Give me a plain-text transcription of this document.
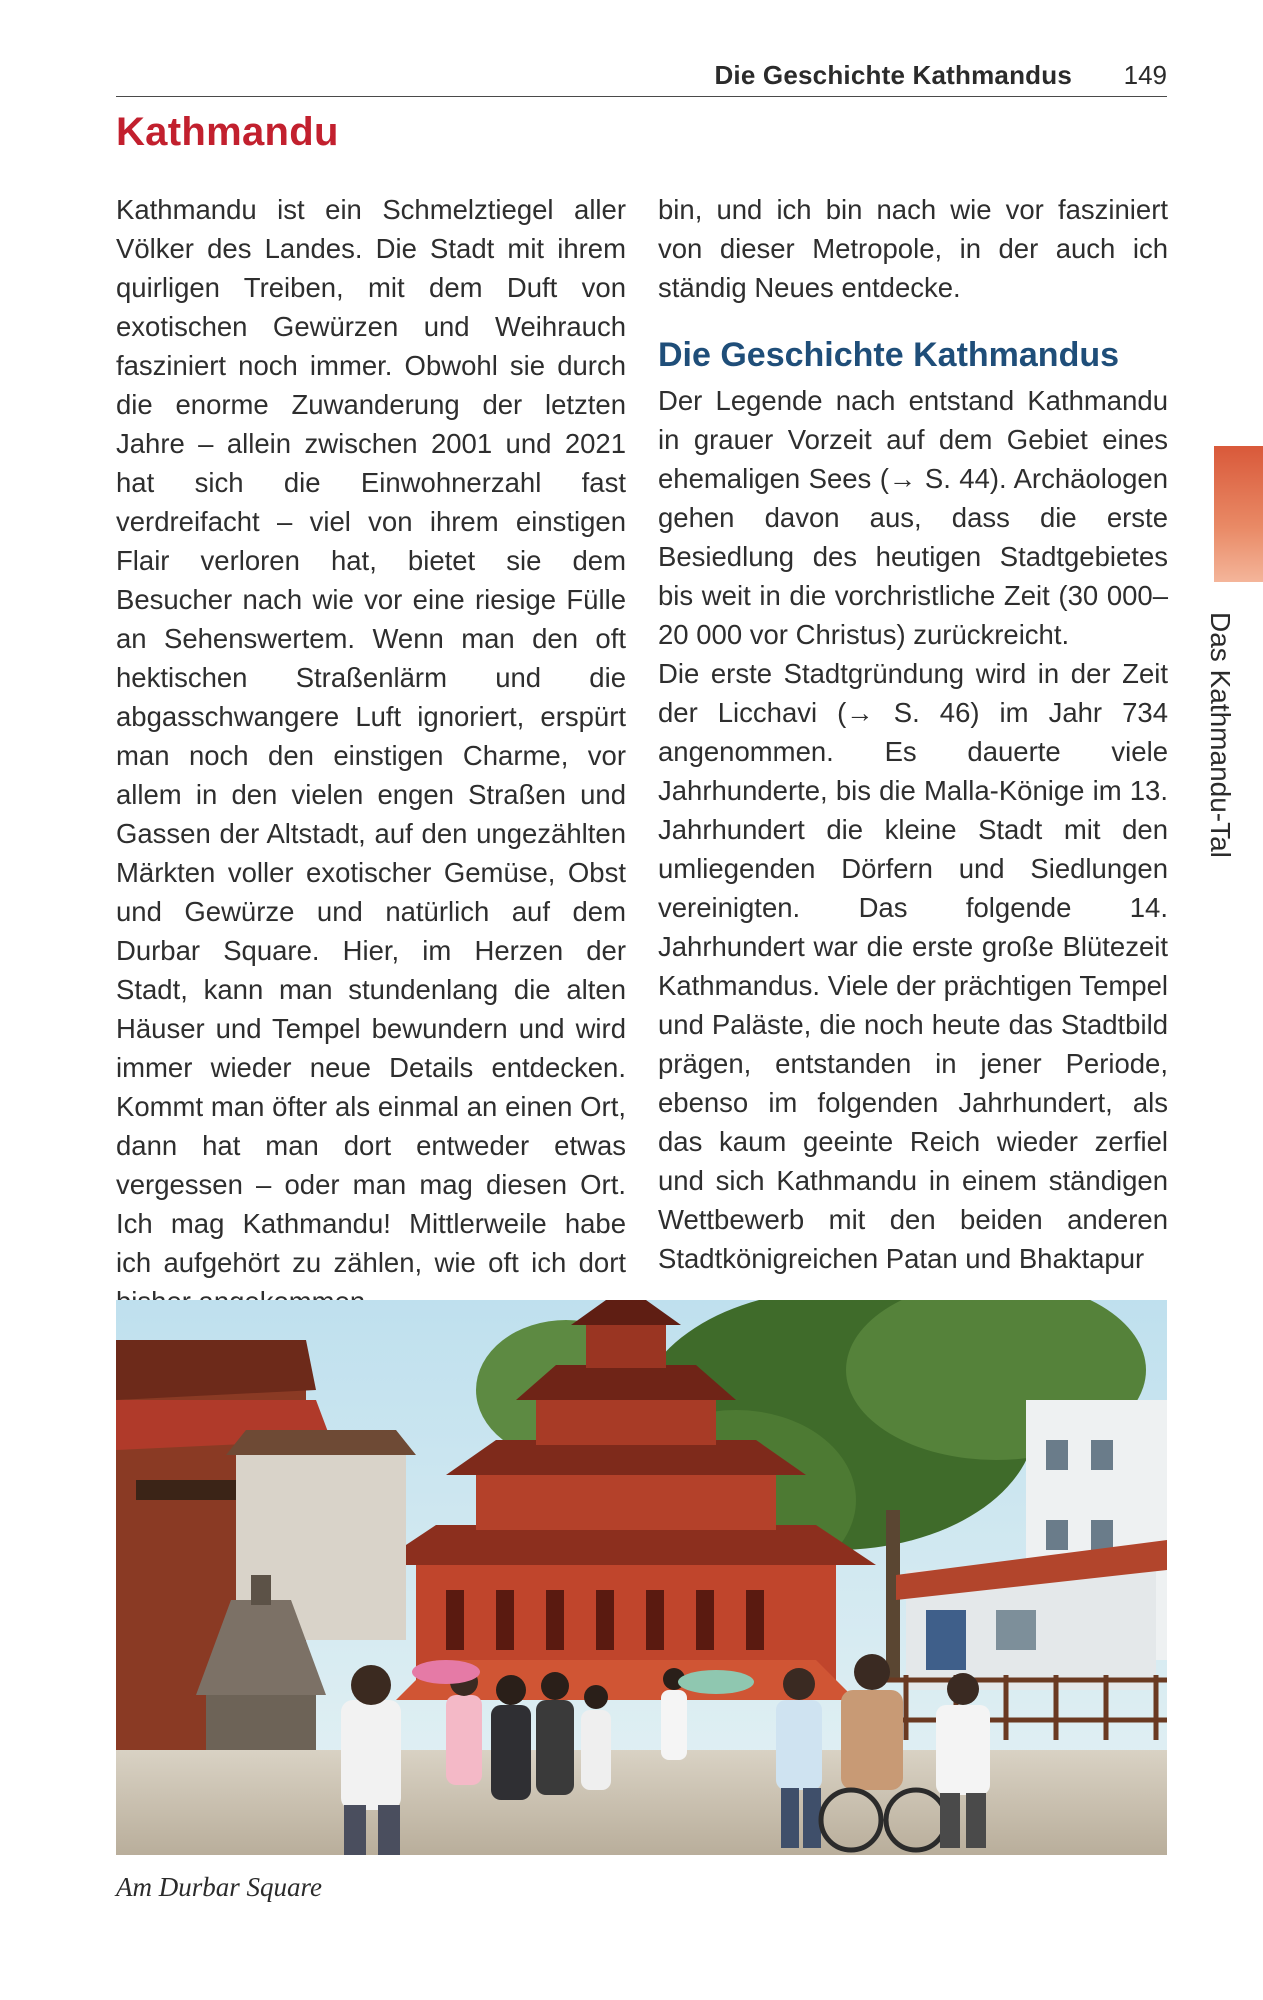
Die Geschichte Kathmandus 149
Kathmandu

Kathmandu ist ein Schmelztiegel aller Völker des Landes. Die Stadt mit ihrem quirligen Treiben, mit dem Duft von exotischen Gewürzen und Weihrauch fasziniert noch immer. Obwohl sie durch die enorme Zuwanderung der letzten Jahre – allein zwischen 2001 und 2021 hat sich die Einwohnerzahl fast verdreifacht – viel von ihrem einstigen Flair verloren hat, bietet sie dem Besucher nach wie vor eine riesige Fülle an Sehenswertem. Wenn man den oft hektischen Straßenlärm und die abgasschwangere Luft ignoriert, erspürt man noch den einstigen Charme, vor allem in den vielen engen Straßen und Gassen der Altstadt, auf den ungezählten Märkten voller exotischer Gemüse, Obst und Gewürze und natürlich auf dem Durbar Square. Hier, im Herzen der Stadt, kann man stundenlang die alten Häuser und Tempel bewundern und wird immer wieder neue Details entdecken. Kommt man öfter als einmal an einen Ort, dann hat man dort entweder etwas vergessen – oder man mag diesen Ort. Ich mag Kathmandu! Mittlerweile habe ich aufgehört zu zählen, wie oft ich dort

bin, und ich bin nach wie vor fasziniert von dieser Metropole, in der auch ich ständig Neues entdecke.

Die Geschichte Kathmandus

Der Legende nach entstand Kathmandu in grauer Vorzeit auf dem Gebiet eines ehemaligen Sees (→ S. 44). Archäologen gehen davon aus, dass die erste Besiedlung des heutigen Stadtgebietes bis weit in die vorchristliche Zeit (30 000–20 000 vor Christus) zurückreicht.

Die erste Stadtgründung wird in der Zeit der Licchavi (→ S. 46) im Jahr 734 angenommen. Es dauerte viele Jahrhunderte, bis die Malla-Könige im 13. Jahrhundert die kleine Stadt mit den umliegenden Dörfern und Siedlungen vereinigten. Das folgende 14. Jahrhundert war die erste große Blütezeit Kathmandus. Viele der prächtigen Tempel und Paläste, die noch heute das Stadtbild prägen, entstanden in jener Periode, ebenso im folgenden Jahrhundert, als das kaum geeinte Reich wieder zerfiel und sich Kathmandu in einem ständigen Wettbewerb mit den beiden anderen Stadtkönigreichen Patan und Bhaktapur

Das Kathmandu-Tal
Am Durbar Square
